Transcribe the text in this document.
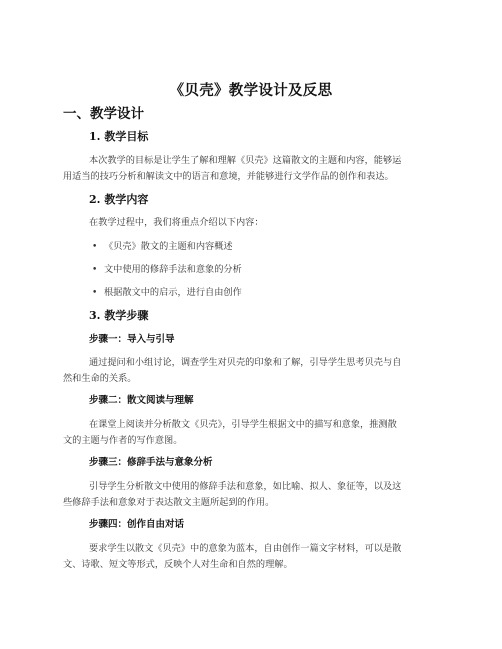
《贝壳》教学设计及反思
一、教学设计
1. 教学目标
本次教学的目标是让学生了解和理解《贝壳》这篇散文的主题和内容，能够运
用适当的技巧分析和解读文中的语言和意境，并能够进行文学作品的创作和表达。
2. 教学内容
在教学过程中，我们将重点介绍以下内容：
• 《贝壳》散文的主题和内容概述
• 文中使用的修辞手法和意象的分析
• 根据散文中的启示，进行自由创作
3. 教学步骤
步骤一：导入与引导
通过提问和小组讨论，调查学生对贝壳的印象和了解，引导学生思考贝壳与自
然和生命的关系。
步骤二：散文阅读与理解
在课堂上阅读并分析散文《贝壳》，引导学生根据文中的描写和意象，推测散
文的主题与作者的写作意图。
步骤三：修辞手法与意象分析
引导学生分析散文中使用的修辞手法和意象，如比喻、拟人、象征等，以及这
些修辞手法和意象对于表达散文主题所起到的作用。
步骤四：创作自由对话
要求学生以散文《贝壳》中的意象为蓝本，自由创作一篇文字材料，可以是散
文、诗歌、短文等形式，反映个人对生命和自然的理解。
